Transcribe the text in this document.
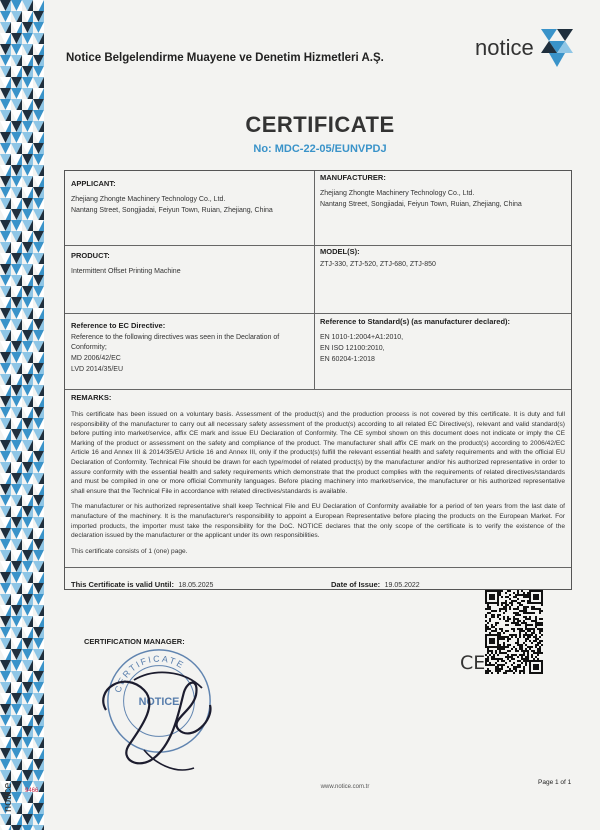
Notice Belgelendirme Muayene ve Denetim Hizmetleri A.Ş.	notice
CERTIFICATE
No: MDC-22-05/EUNVPDJ
APPLICANT:
Zhejiang Zhongte Machinery Technology Co., Ltd.
Nantang Street, Songjiadai, Feiyun Town, Ruian, Zhejiang, China
MANUFACTURER:
Zhejiang Zhongte Machinery Technology Co., Ltd.
Nantang Street, Songjiadai, Feiyun Town, Ruian, Zhejiang, China
PRODUCT:
Intermittent Offset Printing Machine
MODEL(S):
ZTJ-330, ZTJ-520, ZTJ-680, ZTJ-850
Reference to EC Directive:
Reference to the following directives was seen in the Declaration of
Conformity;
MD 2006/42/EC
LVD 2014/35/EU
Reference to Standard(s) (as manufacturer declared):
EN 1010-1:2004+A1:2010,
EN ISO 12100:2010,
EN 60204-1:2018
REMARKS:

This certificate has been issued on a voluntary basis. Assessment of the product(s) and the production process is not covered by this certificate. It is duty and full responsibility of the manufacturer to carry out all necessary safety assessment of the product(s) according to all related EC Directive(s), relevant and valid standard(s) before putting into market/service, affix CE mark and issue EU Declaration of Conformity. The CE symbol shown on this document does not indicate or imply the CE Marking of the product or assessment on the safety and compliance of the product. The manufacturer shall affix CE mark on the product(s) according to 2006/42/EC Article 16 and Annex III & 2014/35/EU Article 16 and Annex III, only if the product(s) fulfill the relevant essential health and safety requirements and with the official EU Declaration of Conformity. Technical File should be drawn for each type/model of related product(s) by the manufacturer and/or his authorized representative in order to assure conformity with the essential health and safety requirements which demonstrate that the product complies with the requirements of related directives/standards and must be compiled in one or more official Community languages. Before placing machinery into market/service, the manufacturer or his authorized representative shall ensure that the Technical File in accordance with related directives/standards is available.

The manufacturer or his authorized representative shall keep Technical File and EU Declaration of Conformity available for a period of ten years from the last date of manufacture of the machinery. It is the manufacturer's responsibility to appoint a European Representative before placing the products on the European Market. For imported products, the importer must take the responsibility for the DoC. NOTICE declares that the only scope of the certificate is to verify the existence of the declaration issued by the manufacturer or the applicant under its own responsibilities.

This certificate consists of 1 (one) page.

This Certificate is valid Until: 18.05.2025	Date of Issue: 19.05.2022
CERTIFICATION MANAGER:
CE
CERTIFICATE
NOTICE
www.notice.com.tr
Page 1 of 1
9466
notice
